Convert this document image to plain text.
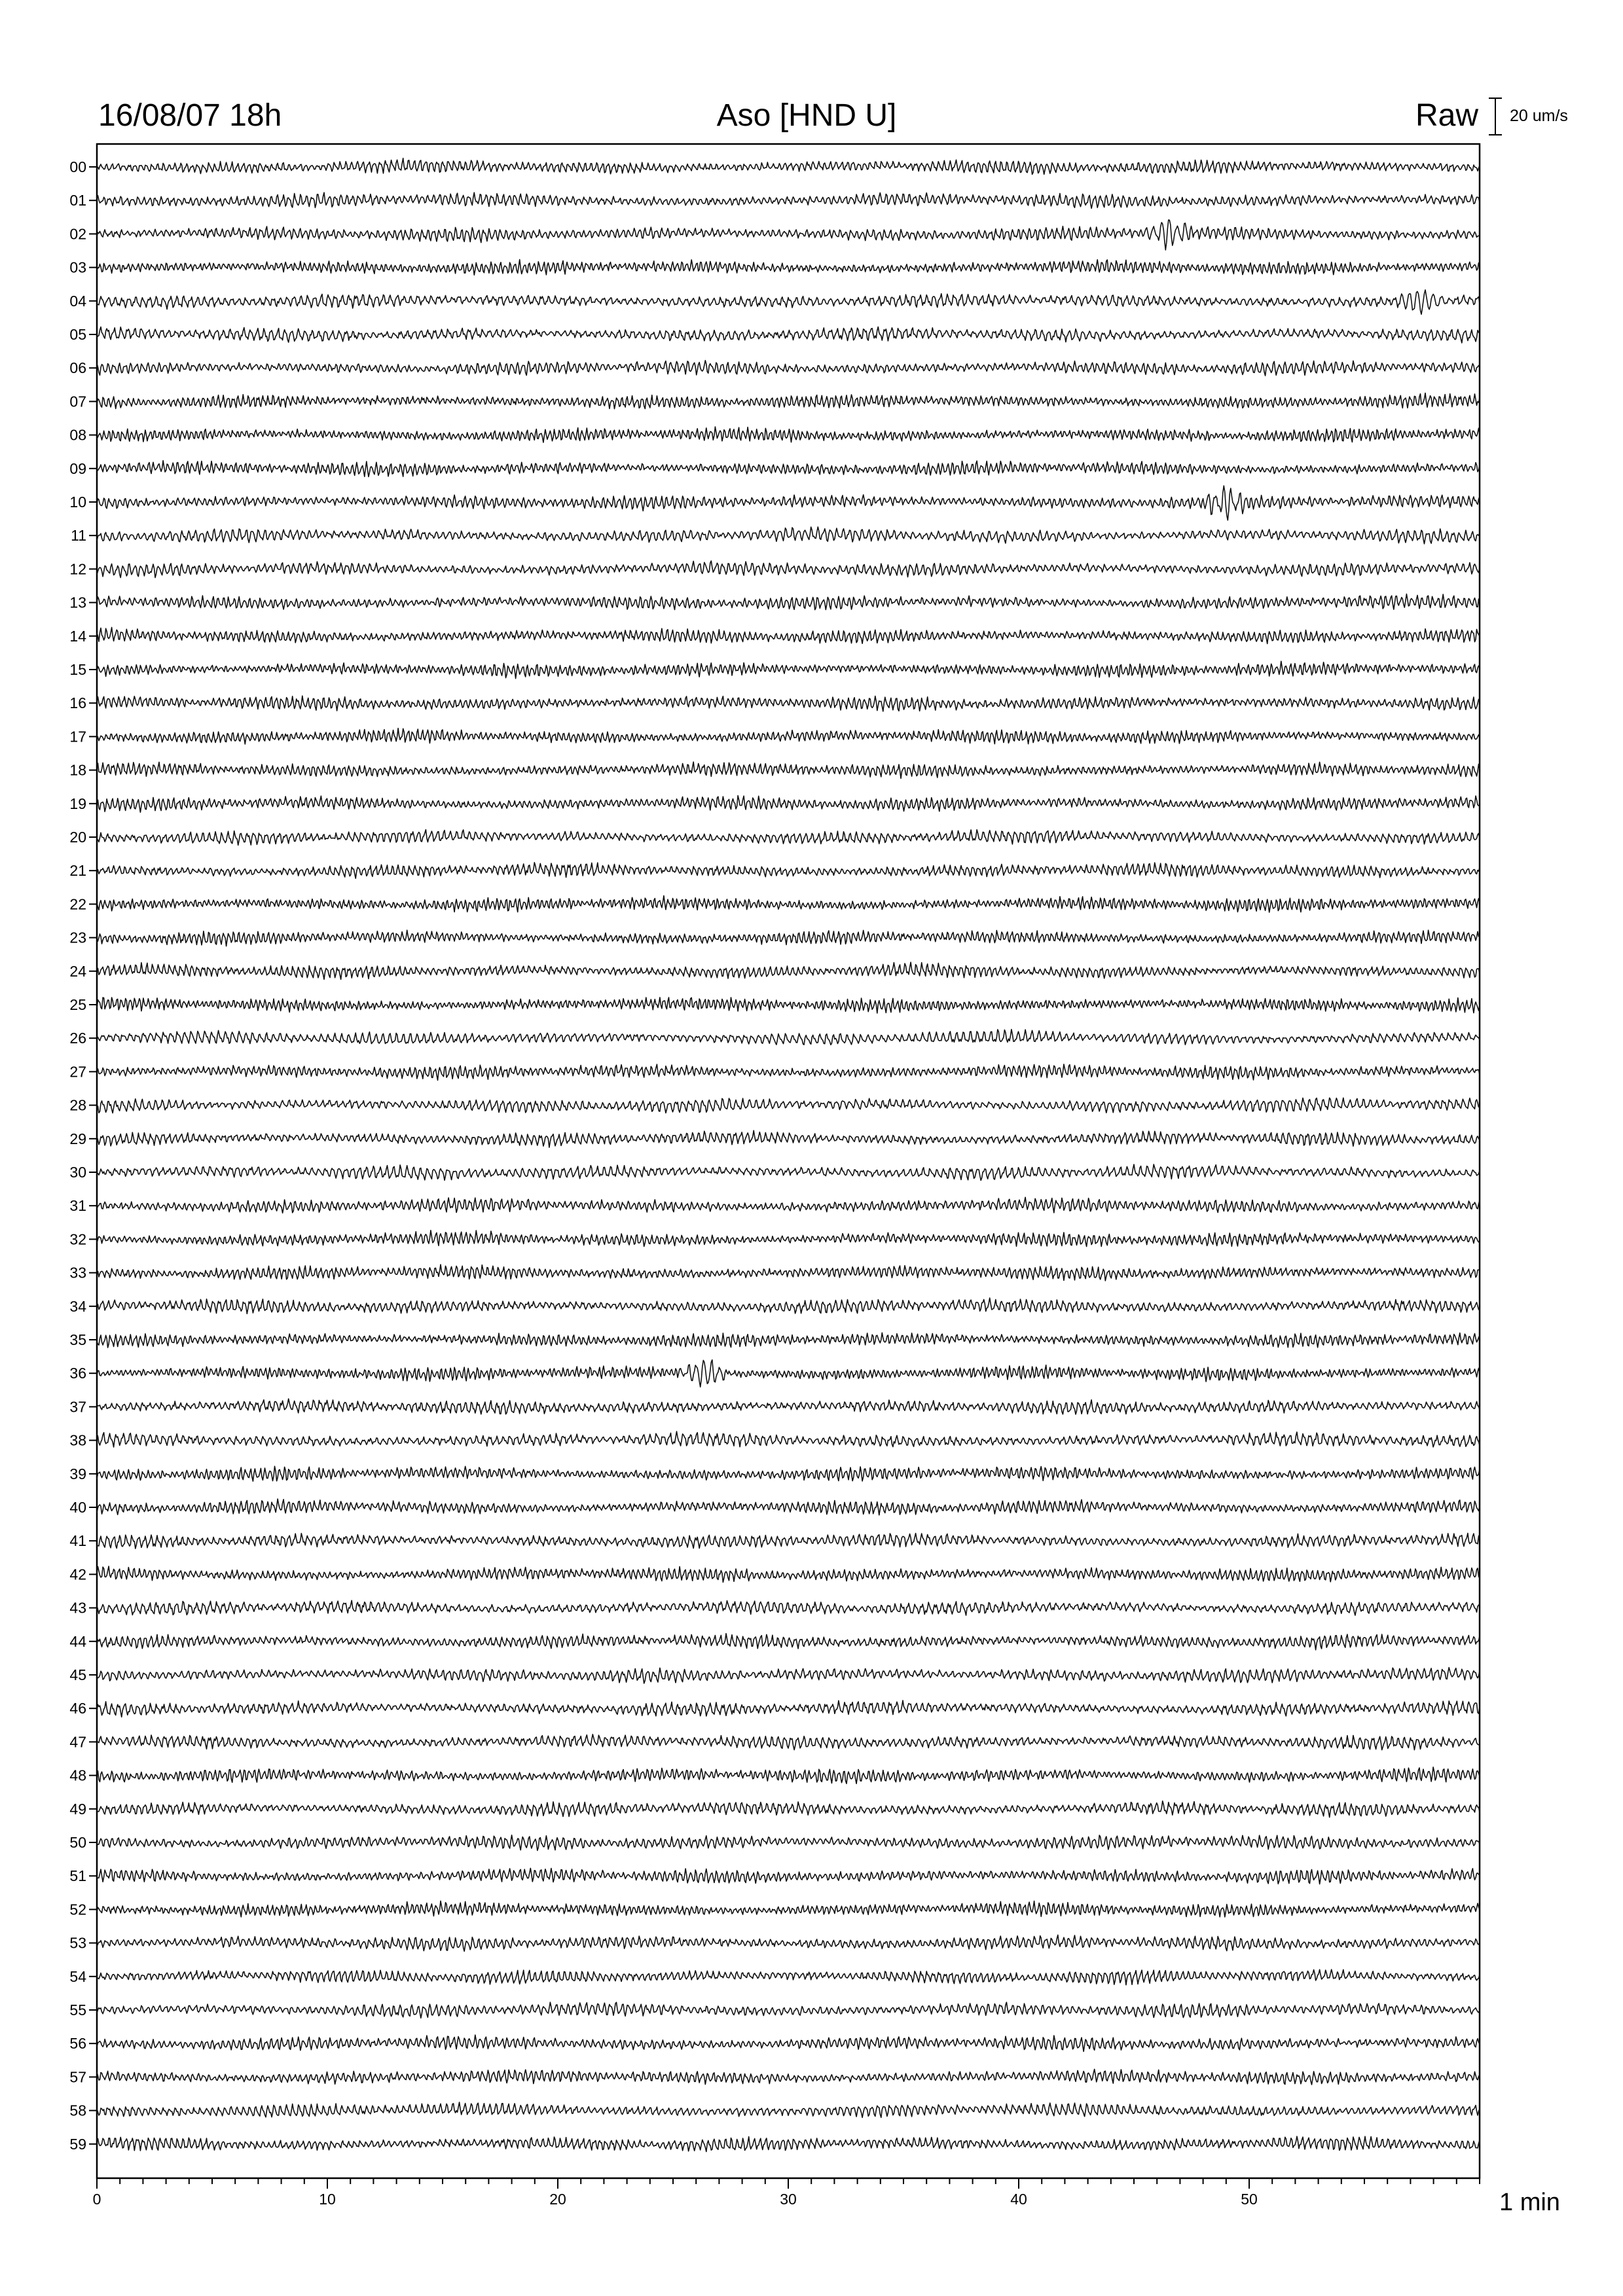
16/08/07 18h	Aso [HND U]	Raw 20 um/s
00
01
02
03
04
05
06
07
08
09
10
11
12
13
14
15
16
17
18
19
20
21
22
23
24
25
26
27
28
29
30
31
32
33
34
35
36
37
38
39
40
41
42
43
44
45
46
47
48
49
50
51
52
53
54
55
56
57
58
59
0	10	20	30	40	50	1 min
